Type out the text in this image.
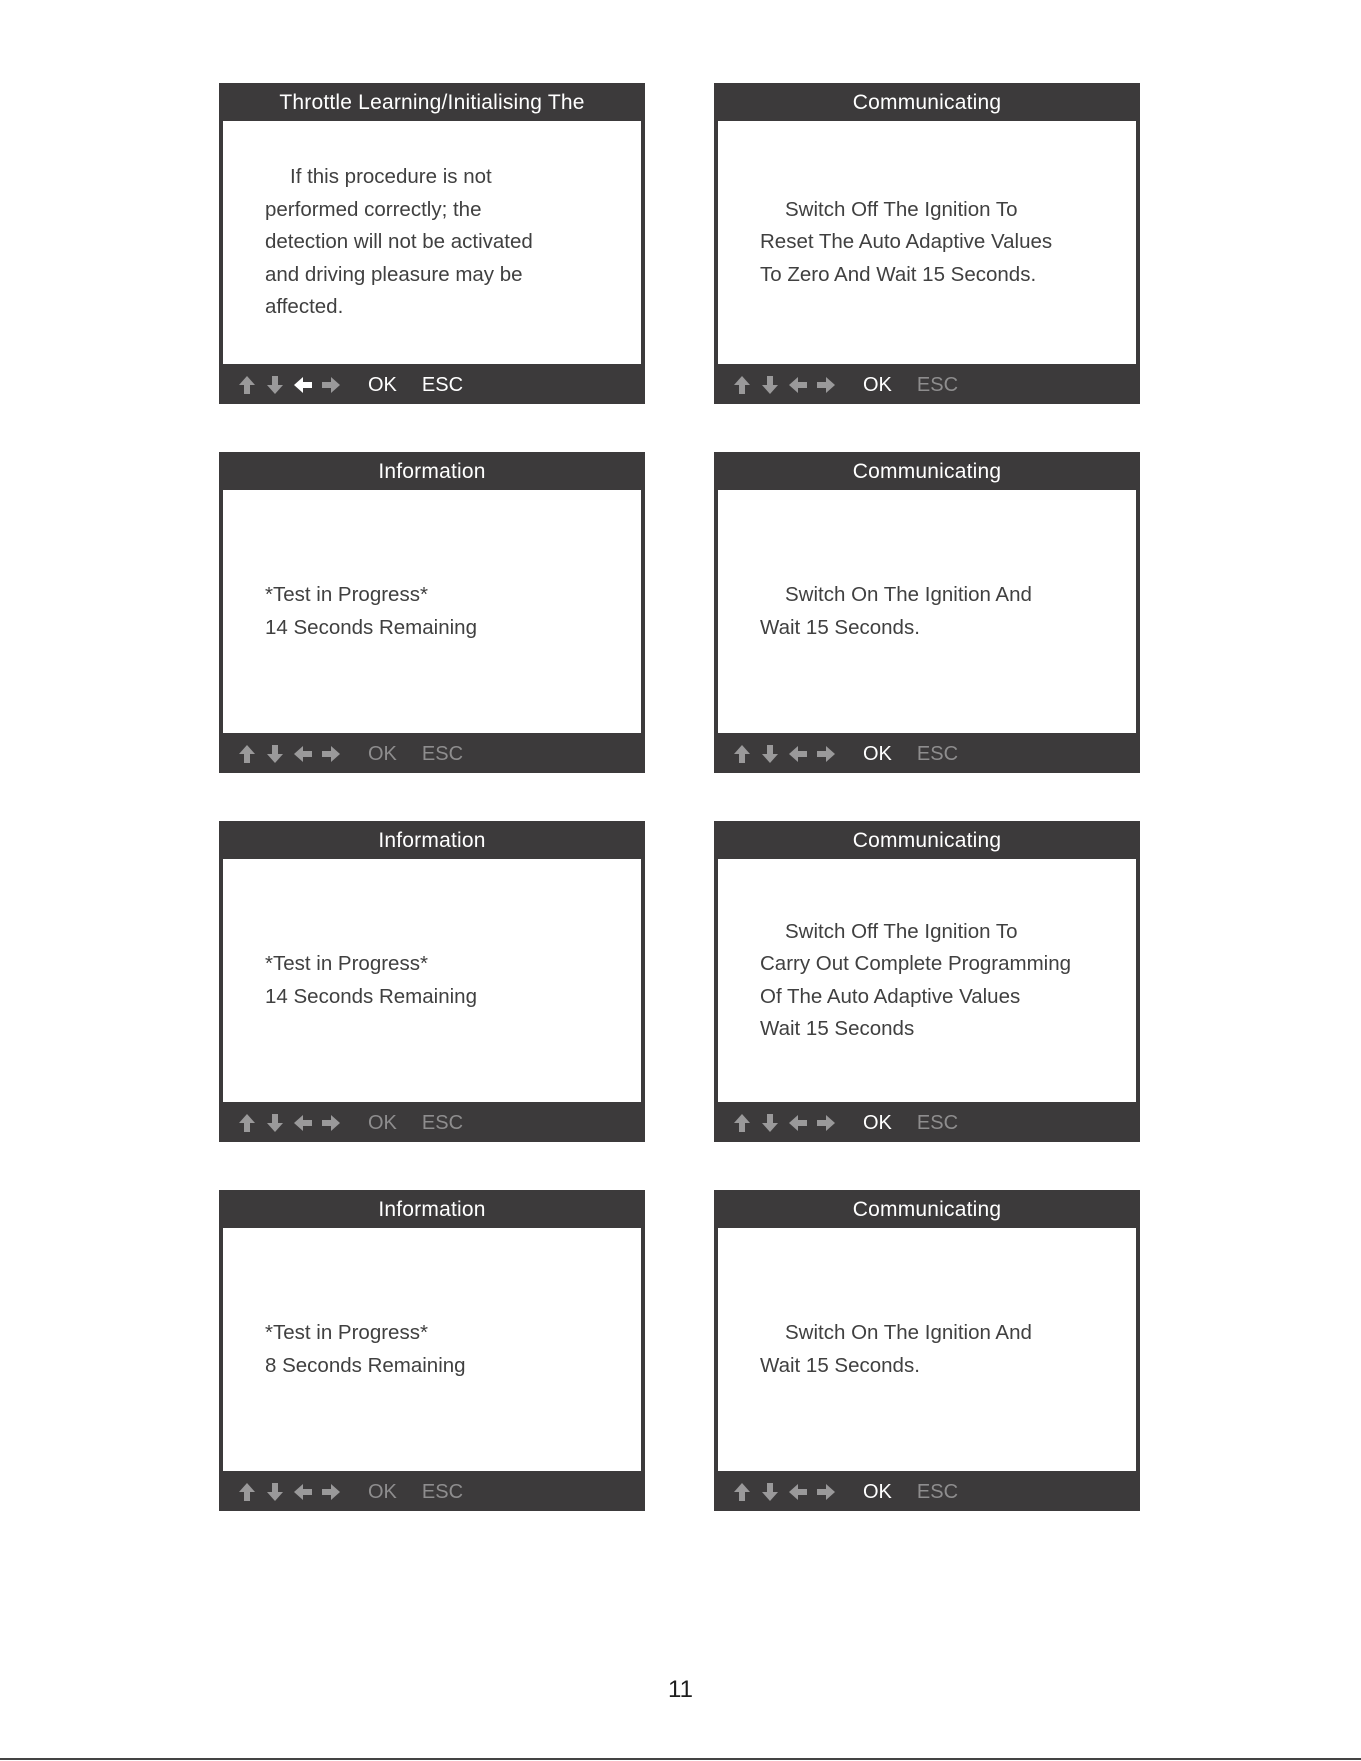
Throttle Learning/Initialising The
If this procedure is not
performed correctly; the
detection will not be activated
and driving pleasure may be
affected.
OK ESC
Communicating
Switch Off The Ignition To
Reset The Auto Adaptive Values
To Zero And Wait 15 Seconds.
OK ESC
Information
*Test in Progress*
14 Seconds Remaining
OK ESC
Communicating
Switch On The Ignition And
Wait 15 Seconds.
OK ESC
Information
*Test in Progress*
14 Seconds Remaining
OK ESC
Communicating
Switch Off The Ignition To
Carry Out Complete Programming
Of The Auto Adaptive Values
Wait 15 Seconds
OK ESC
Information
*Test in Progress*
8 Seconds Remaining
OK ESC
Communicating
Switch On The Ignition And
Wait 15 Seconds.
OK ESC
11
